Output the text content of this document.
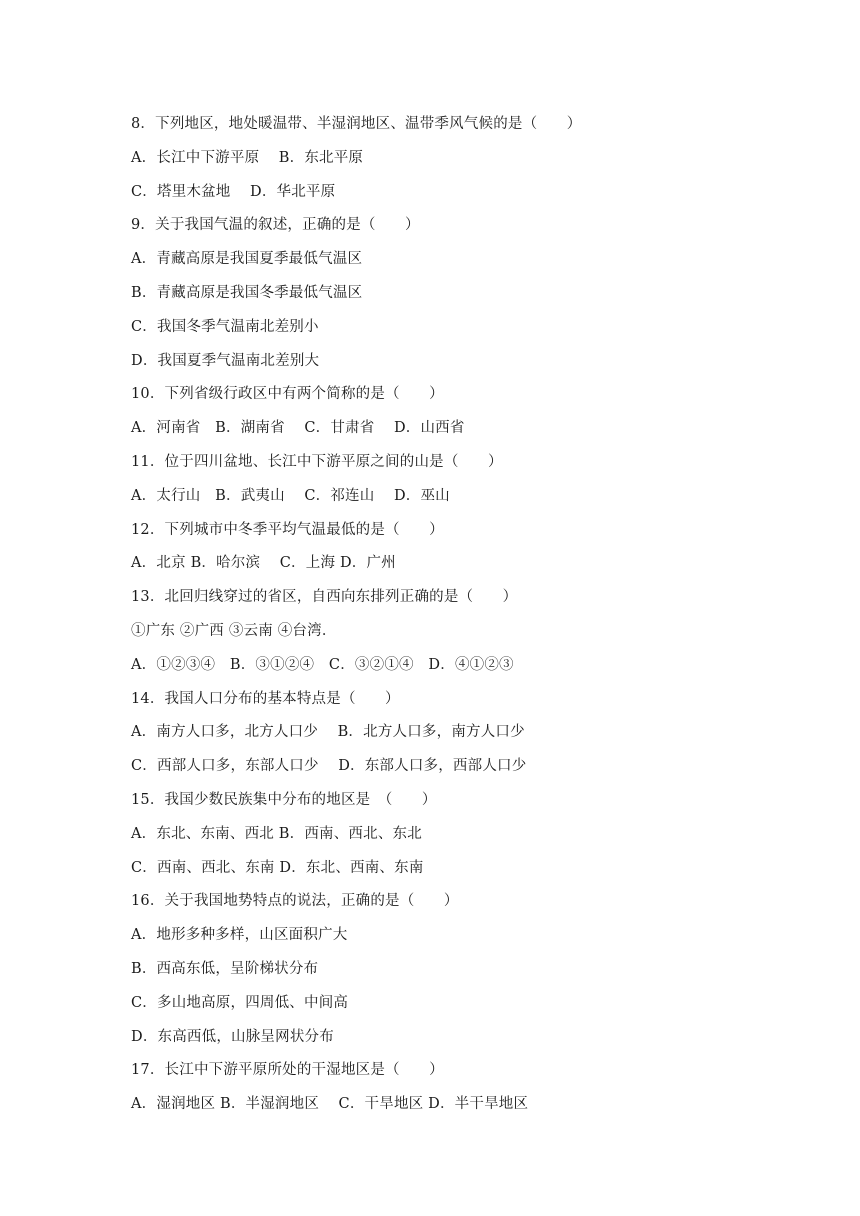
8．下列地区，地处暖温带、半湿润地区、温带季风气候的是（　　）
A．长江中下游平原　 B．东北平原
C．塔里木盆地　 D．华北平原
9．关于我国气温的叙述，正确的是（　　）
A．青藏高原是我国夏季最低气温区
B．青藏高原是我国冬季最低气温区
C．我国冬季气温南北差别小
D．我国夏季气温南北差别大
10．下列省级行政区中有两个简称的是（　　）
A．河南省　B．湖南省　 C．甘肃省　 D．山西省
11．位于四川盆地、长江中下游平原之间的山是（　　）
A．太行山　B．武夷山　 C．祁连山　 D．巫山
12．下列城市中冬季平均气温最低的是（　　）
A．北京 B．哈尔滨　 C．上海 D．广州
13．北回归线穿过的省区，自西向东排列正确的是（　　）
①广东 ②广西 ③云南 ④台湾．
A．①②③④　B．③①②④　C．③②①④　D．④①②③
14．我国人口分布的基本特点是（　　）
A．南方人口多，北方人口少　 B．北方人口多，南方人口少
C．西部人口多，东部人口少　 D．东部人口多，西部人口少
15．我国少数民族集中分布的地区是　（　　）
A．东北、东南、西北 B．西南、西北、东北
C．西南、西北、东南 D．东北、西南、东南
16．关于我国地势特点的说法，正确的是（　　）
A．地形多种多样，山区面积广大
B．西高东低，呈阶梯状分布
C．多山地高原，四周低、中间高
D．东高西低，山脉呈网状分布
17．长江中下游平原所处的干湿地区是（　　）
A．湿润地区 B．半湿润地区　 C．干旱地区 D．半干旱地区
